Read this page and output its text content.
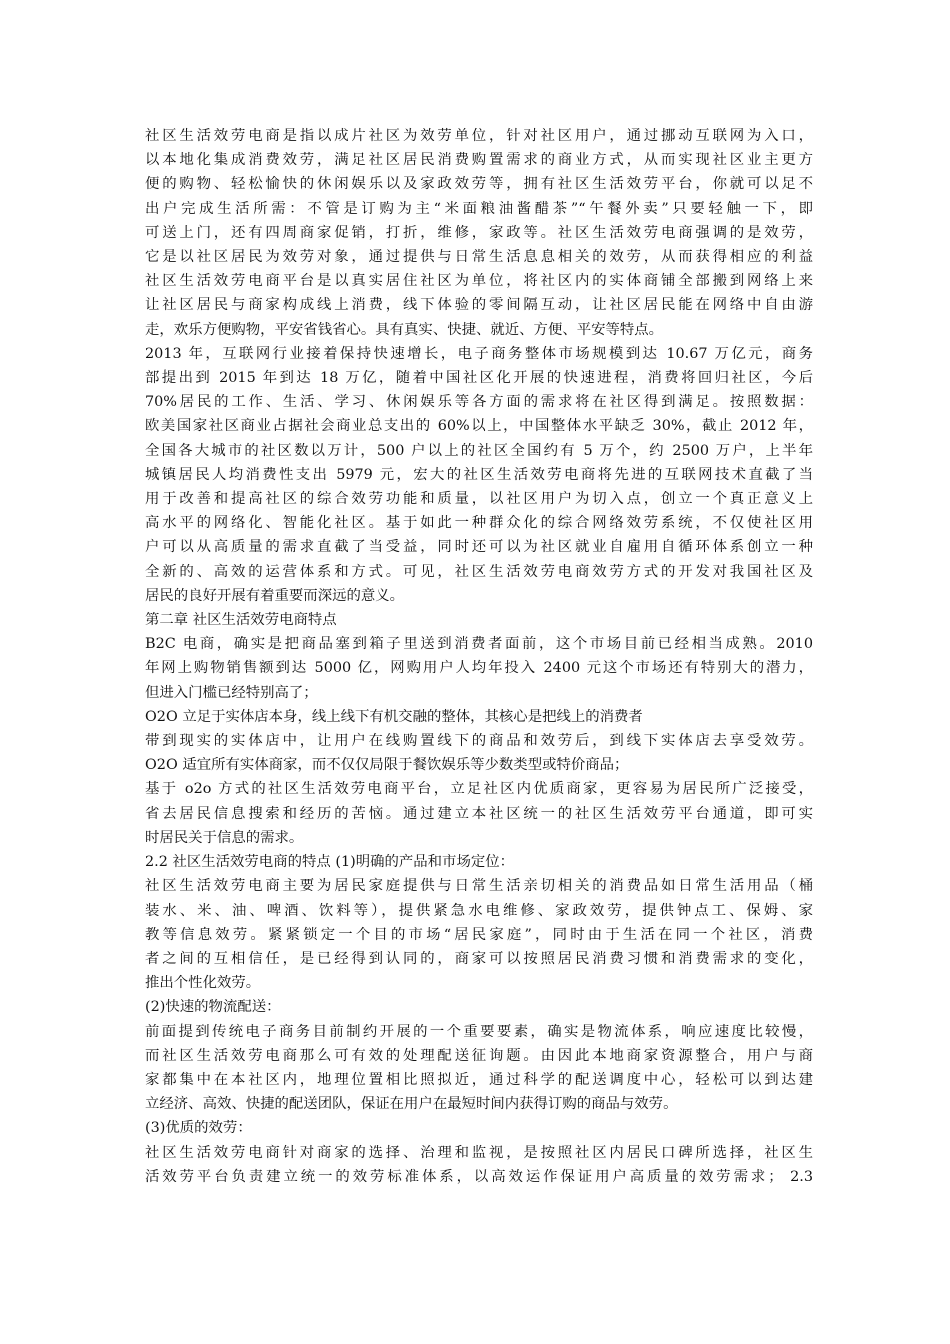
社区生活效劳电商是指以成片社区为效劳单位，针对社区用户，通过挪动互联网为入口，
以本地化集成消费效劳，满足社区居民消费购置需求的商业方式，从而实现社区业主更方
便的购物、轻松愉快的休闲娱乐以及家政效劳等，拥有社区生活效劳平台，你就可以足不
出户完成生活所需：不管是订购为主“米面粮油酱醋茶”“午餐外卖”只要轻触一下，即
可送上门，还有四周商家促销，打折，维修，家政等。社区生活效劳电商强调的是效劳，
它是以社区居民为效劳对象，通过提供与日常生活息息相关的效劳，从而获得相应的利益
社区生活效劳电商平台是以真实居住社区为单位，将社区内的实体商铺全部搬到网络上来
让社区居民与商家构成线上消费，线下体验的零间隔互动，让社区居民能在网络中自由游
走，欢乐方便购物，平安省钱省心。具有真实、快捷、就近、方便、平安等特点。
2013 年，互联网行业接着保持快速增长，电子商务整体市场规模到达 10.67 万亿元，商务
部提出到 2015 年到达 18 万亿，随着中国社区化开展的快速进程，消费将回归社区，今后
70%居民的工作、生活、学习、休闲娱乐等各方面的需求将在社区得到满足。按照数据：
欧美国家社区商业占据社会商业总支出的 60%以上，中国整体水平缺乏 30%，截止 2012 年，
全国各大城市的社区数以万计，500 户以上的社区全国约有 5 万个，约 2500 万户，上半年
城镇居民人均消费性支出 5979 元，宏大的社区生活效劳电商将先进的互联网技术直截了当
用于改善和提高社区的综合效劳功能和质量，以社区用户为切入点，创立一个真正意义上
高水平的网络化、智能化社区。基于如此一种群众化的综合网络效劳系统，不仅使社区用
户可以从高质量的需求直截了当受益，同时还可以为社区就业自雇用自循环体系创立一种
全新的、高效的运营体系和方式。可见，社区生活效劳电商效劳方式的开发对我国社区及
居民的良好开展有着重要而深远的意义。
第二章 社区生活效劳电商特点
B2C 电商，确实是把商品塞到箱子里送到消费者面前，这个市场目前已经相当成熟。2010
年网上购物销售额到达 5000 亿，网购用户人均年投入 2400 元这个市场还有特别大的潜力，
但进入门槛已经特别高了；
O2O 立足于实体店本身，线上线下有机交融的整体，其核心是把线上的消费者
带到现实的实体店中，让用户在线购置线下的商品和效劳后，到线下实体店去享受效劳。
O2O 适宜所有实体商家，而不仅仅局限于餐饮娱乐等少数类型或特价商品；
基于 o2o 方式的社区生活效劳电商平台，立足社区内优质商家，更容易为居民所广泛接受，
省去居民信息搜索和经历的苦恼。通过建立本社区统一的社区生活效劳平台通道，即可实
时居民关于信息的需求。
2.2 社区生活效劳电商的特点 (1)明确的产品和市场定位：
社区生活效劳电商主要为居民家庭提供与日常生活亲切相关的消费品如日常生活用品（桶
装水、米、油、啤酒、饮料等），提供紧急水电维修、家政效劳，提供钟点工、保姆、家
教等信息效劳。紧紧锁定一个目的市场“居民家庭”，同时由于生活在同一个社区，消费
者之间的互相信任，是已经得到认同的，商家可以按照居民消费习惯和消费需求的变化，
推出个性化效劳。
(2)快速的物流配送：
前面提到传统电子商务目前制约开展的一个重要要素，确实是物流体系，响应速度比较慢，
而社区生活效劳电商那么可有效的处理配送征询题。由因此本地商家资源整合，用户与商
家都集中在本社区内，地理位置相比照拟近，通过科学的配送调度中心，轻松可以到达建
立经济、高效、快捷的配送团队，保证在用户在最短时间内获得订购的商品与效劳。
(3)优质的效劳：
社区生活效劳电商针对商家的选择、治理和监视，是按照社区内居民口碑所选择，社区生
活效劳平台负责建立统一的效劳标准体系，以高效运作保证用户高质量的效劳需求； 2.3
